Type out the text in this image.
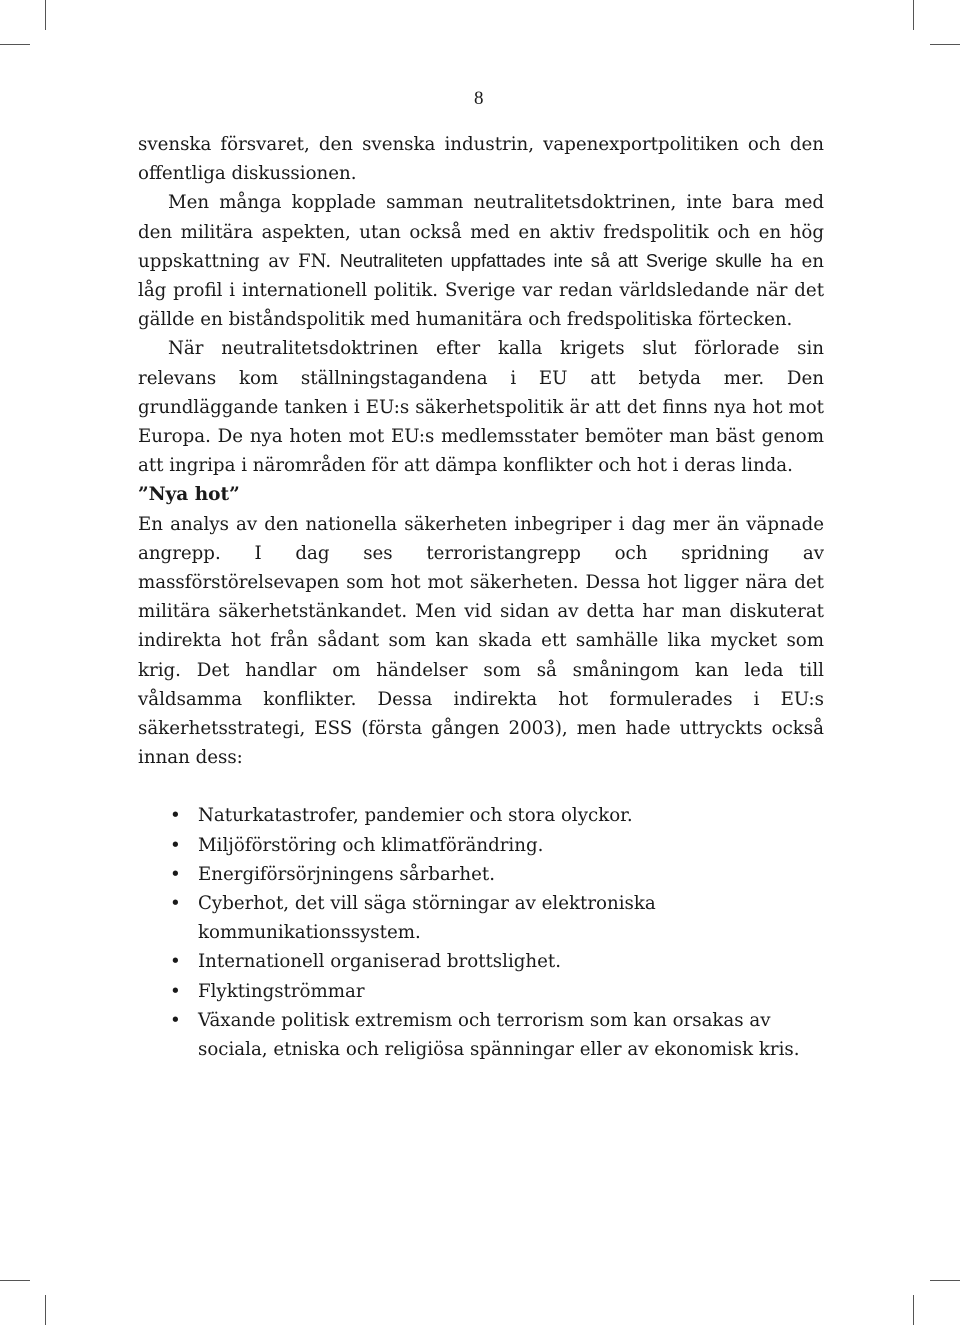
8

svenska försvaret, den svenska industrin, vapenexportpolitiken och den offentliga diskussionen.

Men många kopplade samman neutralitetsdoktrinen, inte bara med den militära aspekten, utan också med en aktiv fredspolitik och en hög uppskattning av FN. Neutraliteten uppfattades inte så att Sverige skulle ha en låg profil i internationell politik. Sverige var redan världsledande när det gällde en biståndspolitik med humanitära och fredspolitiska förtecken.

När neutralitetsdoktrinen efter kalla krigets slut förlorade sin relevans kom ställningstagandena i EU att betyda mer. Den grundläggande tanken i EU:s säkerhetspolitik är att det finns nya hot mot Europa. De nya hoten mot EU:s medlemsstater bemöter man bäst genom att ingripa i närområden för att dämpa konflikter och hot i deras linda.

”Nya hot”

En analys av den nationella säkerheten inbegriper i dag mer än väpnade angrepp. I dag ses terroristangrepp och spridning av massförstörelsevapen som hot mot säkerheten. Dessa hot ligger nära det militära säkerhetstänkandet. Men vid sidan av detta har man diskuterat indirekta hot från sådant som kan skada ett samhälle lika mycket som krig. Det handlar om händelser som så småningom kan leda till våldsamma konflikter. Dessa indirekta hot formulerades i EU:s säkerhetsstrategi, ESS (första gången 2003), men hade uttryckts också innan dess:

• Naturkatastrofer, pandemier och stora olyckor.
• Miljöförstöring och klimatförändring.
• Energiförsörjningens sårbarhet.
• Cyberhot, det vill säga störningar av elektroniska kommunikationssystem.
• Internationell organiserad brottslighet.
• Flyktingströmmar
• Växande politisk extremism och terrorism som kan orsakas av sociala, etniska och religiösa spänningar eller av ekonomisk kris.
